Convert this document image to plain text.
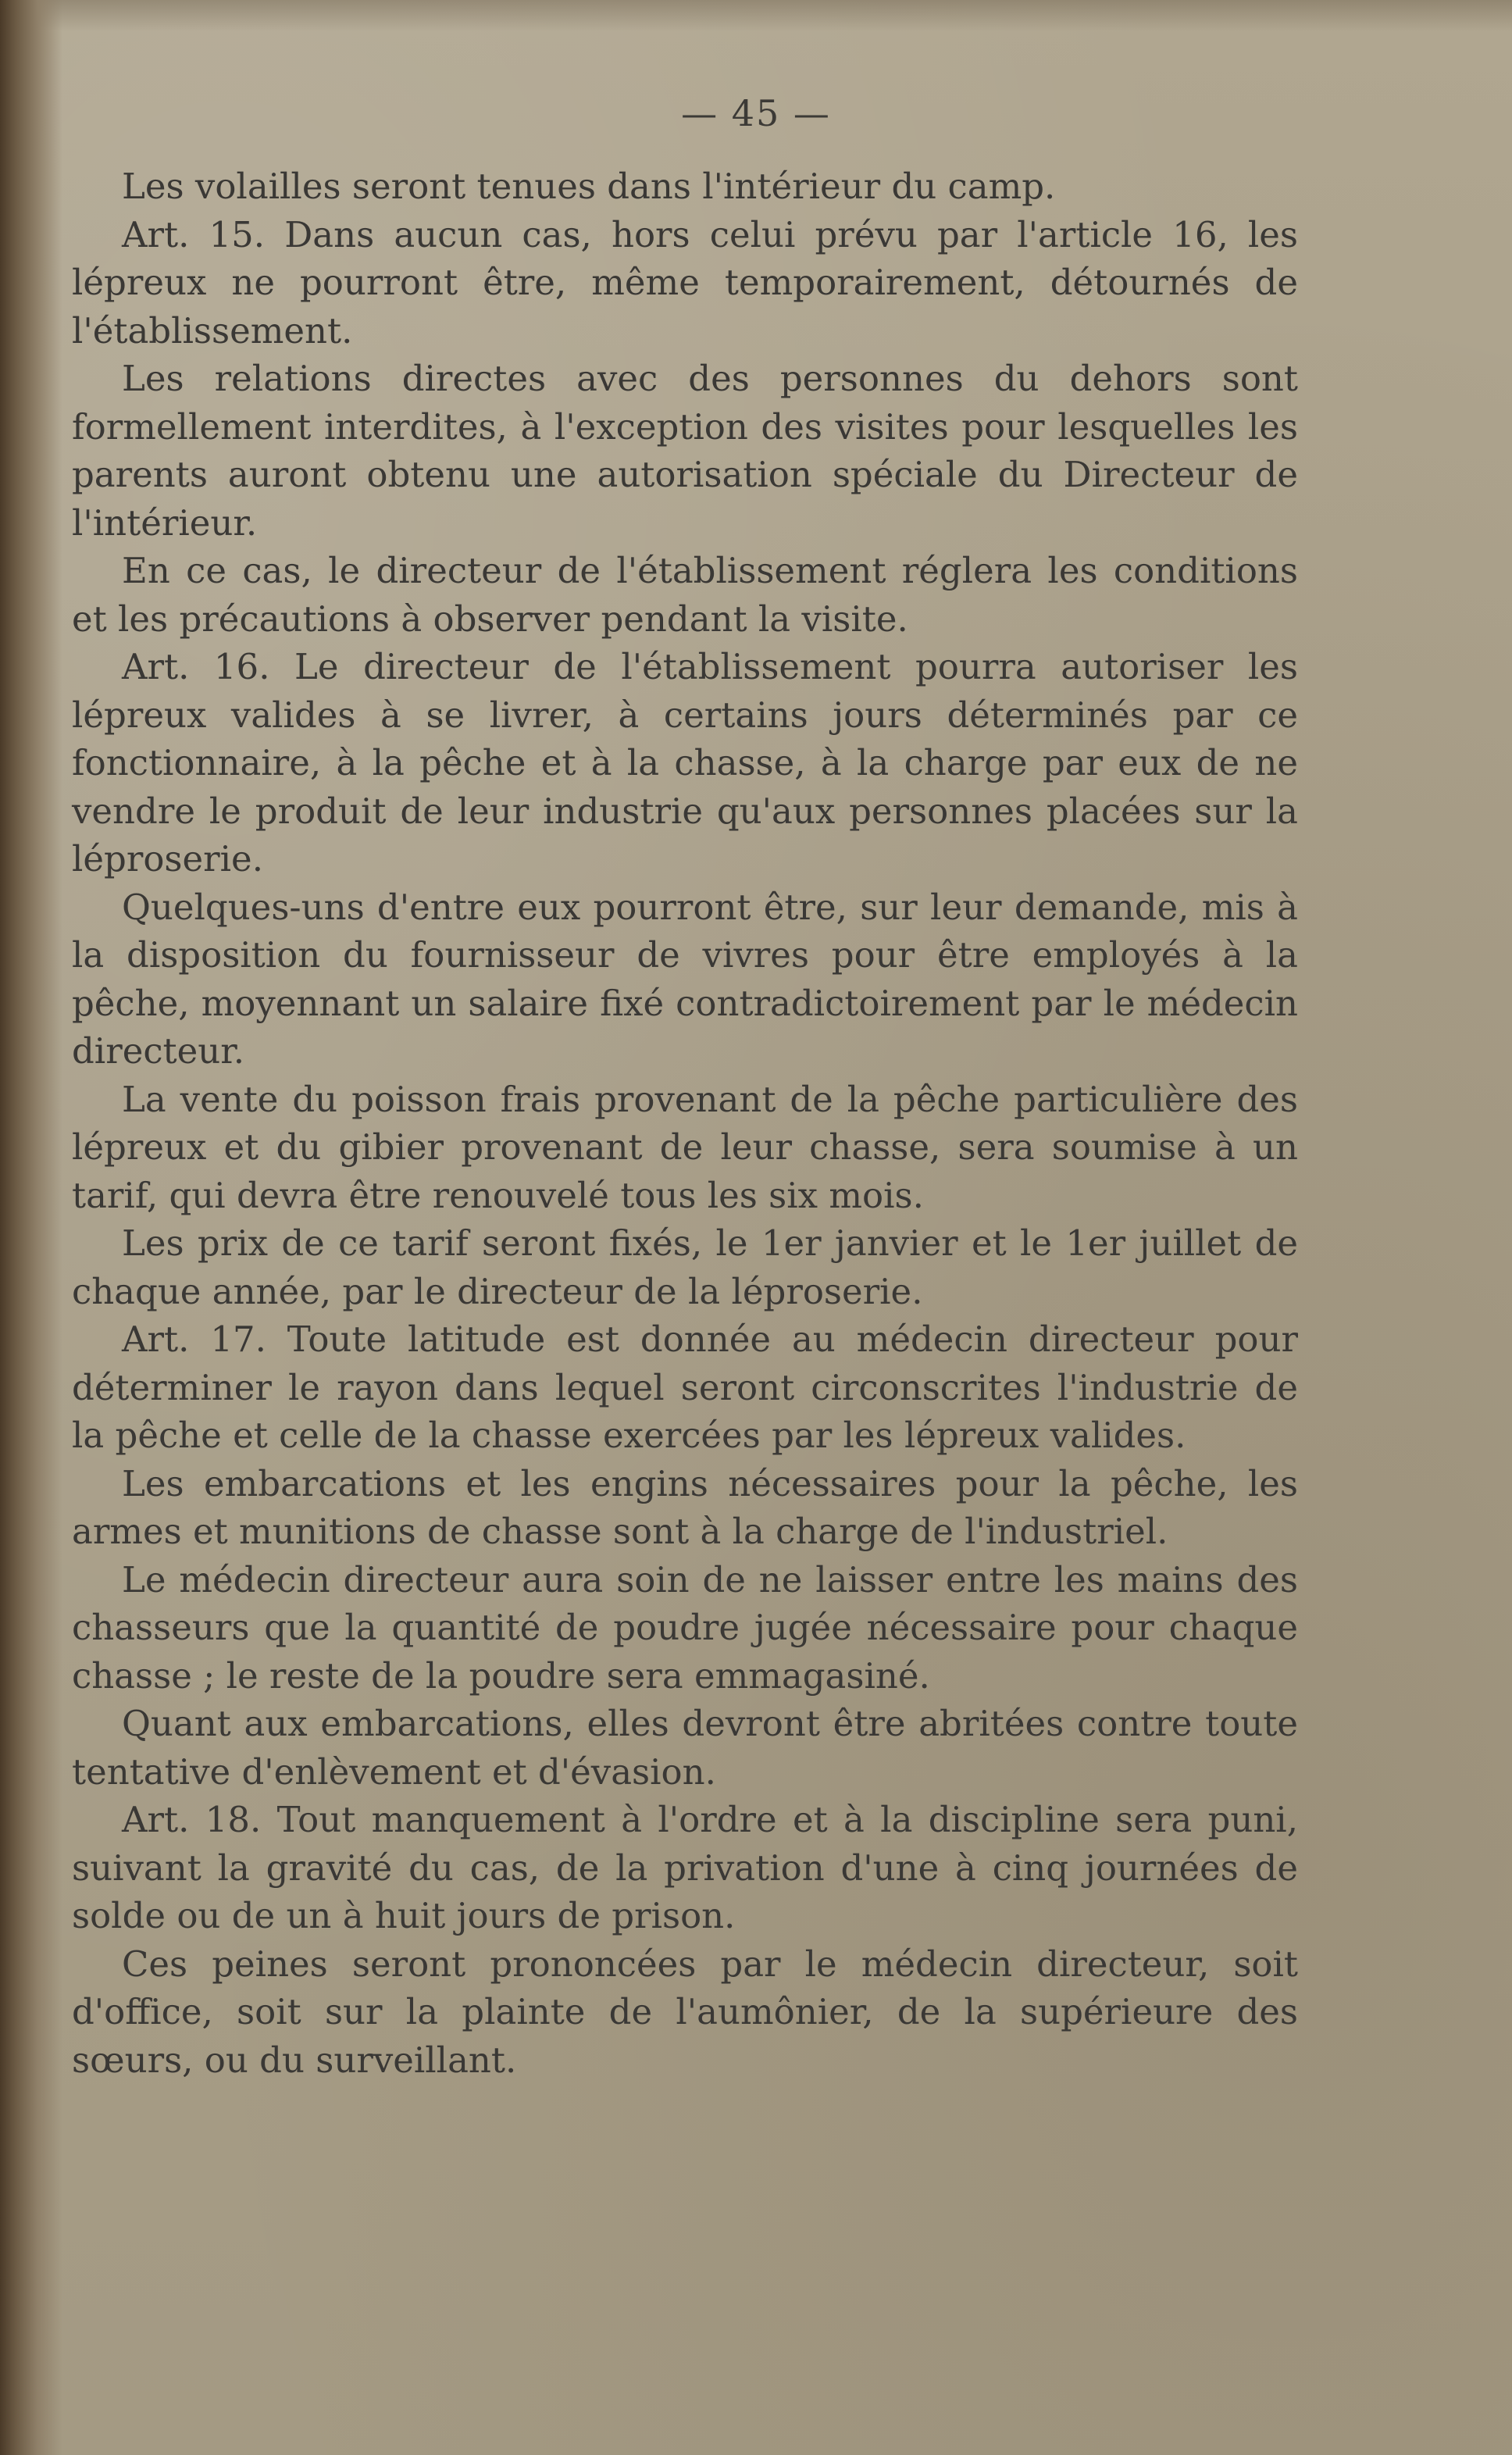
— 45 —

Les volailles seront tenues dans l'intérieur du camp.

Art. 15. Dans aucun cas, hors celui prévu par l'article 16, les lépreux ne pourront être, même temporairement, détournés de l'établissement.

Les relations directes avec des personnes du dehors sont formellement interdites, à l'exception des visites pour lesquelles les parents auront obtenu une autorisation spéciale du Directeur de l'intérieur.

En ce cas, le directeur de l'établissement réglera les conditions et les précautions à observer pendant la visite.

Art. 16. Le directeur de l'établissement pourra autoriser les lépreux valides à se livrer, à certains jours déterminés par ce fonctionnaire, à la pêche et à la chasse, à la charge par eux de ne vendre le produit de leur industrie qu'aux personnes placées sur la léproserie.

Quelques-uns d'entre eux pourront être, sur leur demande, mis à la disposition du fournisseur de vivres pour être employés à la pêche, moyennant un salaire fixé contradictoirement par le médecin directeur.

La vente du poisson frais provenant de la pêche particulière des lépreux et du gibier provenant de leur chasse, sera soumise à un tarif, qui devra être renouvelé tous les six mois.

Les prix de ce tarif seront fixés, le 1er janvier et le 1er juillet de chaque année, par le directeur de la léproserie.

Art. 17. Toute latitude est donnée au médecin directeur pour déterminer le rayon dans lequel seront circonscrites l'industrie de la pêche et celle de la chasse exercées par les lépreux valides.

Les embarcations et les engins nécessaires pour la pêche, les armes et munitions de chasse sont à la charge de l'industriel.

Le médecin directeur aura soin de ne laisser entre les mains des chasseurs que la quantité de poudre jugée nécessaire pour chaque chasse ; le reste de la poudre sera emmagasiné.

Quant aux embarcations, elles devront être abritées contre toute tentative d'enlèvement et d'évasion.

Art. 18. Tout manquement à l'ordre et à la discipline sera puni, suivant la gravité du cas, de la privation d'une à cinq journées de solde ou de un à huit jours de prison.

Ces peines seront prononcées par le médecin directeur, soit d'office, soit sur la plainte de l'aumônier, de la supérieure des sœurs, ou du surveillant.
